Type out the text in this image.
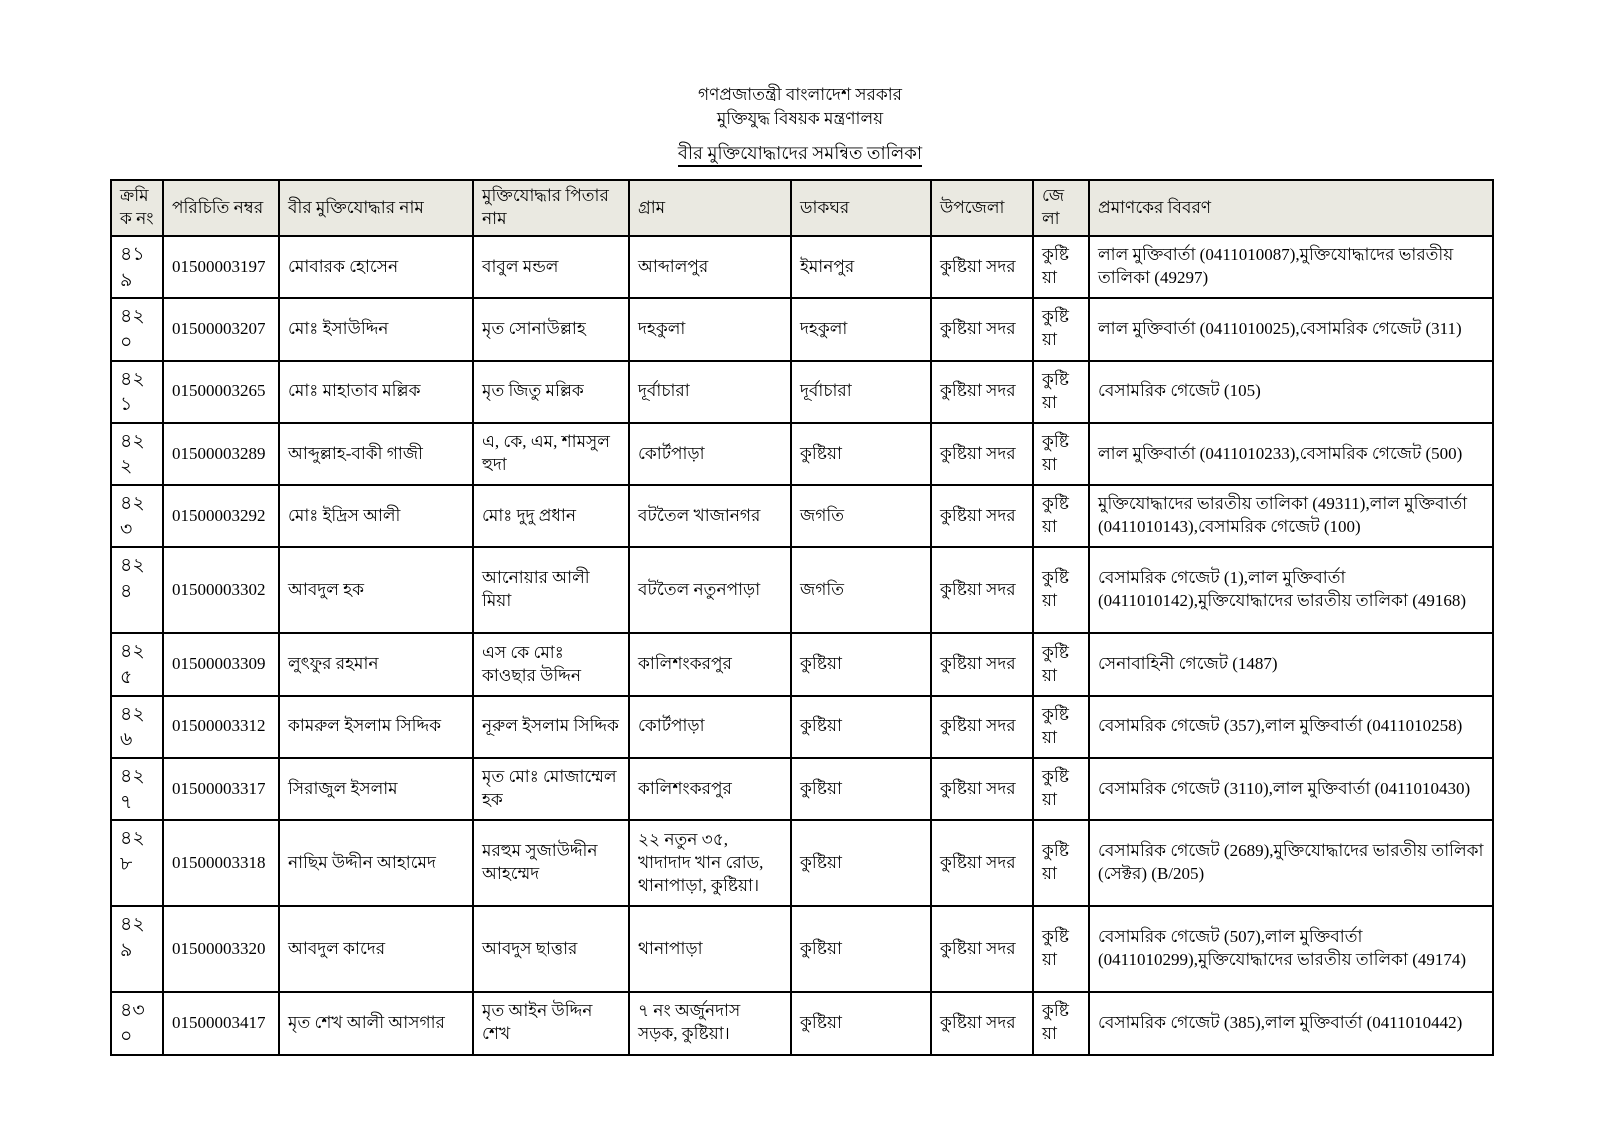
গণপ্রজাতন্ত্রী বাংলাদেশ সরকার

মুক্তিযুদ্ধ বিষয়ক মন্ত্রণালয়

বীর মুক্তিযোদ্ধাদের সমন্বিত তালিকা
ক্রমিক নং	পরিচিতি নম্বর	বীর মুক্তিযোদ্ধার নাম	মুক্তিযোদ্ধার পিতার নাম	গ্রাম	ডাকঘর	উপজেলা	জেলা	প্রমাণকের বিবরণ
৪১৯	01500003197	মোবারক হোসেন	বাবুল মন্ডল	আব্দালপুর	ইমানপুর	কুষ্টিয়া সদর	কুষ্টিয়া	লাল মুক্তিবার্তা (0411010087),মুক্তিযোদ্ধাদের ভারতীয় তালিকা (49297)
৪২০	01500003207	মোঃ ইসাউদ্দিন	মৃত সোনাউল্লাহ	দহকুলা	দহকুলা	কুষ্টিয়া সদর	কুষ্টিয়া	লাল মুক্তিবার্তা (0411010025),বেসামরিক গেজেট (311)
৪২১	01500003265	মোঃ মাহাতাব মল্লিক	মৃত জিতু মল্লিক	দূর্বাচারা	দূর্বাচারা	কুষ্টিয়া সদর	কুষ্টিয়া	বেসামরিক গেজেট (105)
৪২২	01500003289	আব্দুল্লাহ-বাকী গাজী	এ, কে, এম, শামসুল হুদা	কোর্টপাড়া	কুষ্টিয়া	কুষ্টিয়া সদর	কুষ্টিয়া	লাল মুক্তিবার্তা (0411010233),বেসামরিক গেজেট (500)
৪২৩	01500003292	মোঃ ইদ্রিস আলী	মোঃ দুদু প্রধান	বটতৈল খাজানগর	জগতি	কুষ্টিয়া সদর	কুষ্টিয়া	মুক্তিযোদ্ধাদের ভারতীয় তালিকা (49311),লাল মুক্তিবার্তা (0411010143),বেসামরিক গেজেট (100)
৪২৪	01500003302	আবদুল হক	আনোয়ার আলী মিয়া	বটতৈল নতুনপাড়া	জগতি	কুষ্টিয়া সদর	কুষ্টিয়া	বেসামরিক গেজেট (1),লাল মুক্তিবার্তা (0411010142),মুক্তিযোদ্ধাদের ভারতীয় তালিকা (49168)
৪২৫	01500003309	লুৎফুর রহমান	এস কে মোঃ কাওছার উদ্দিন	কালিশংকরপুর	কুষ্টিয়া	কুষ্টিয়া সদর	কুষ্টিয়া	সেনাবাহিনী গেজেট (1487)
৪২৬	01500003312	কামরুল ইসলাম সিদ্দিক	নূরুল ইসলাম সিদ্দিক	কোর্টপাড়া	কুষ্টিয়া	কুষ্টিয়া সদর	কুষ্টিয়া	বেসামরিক গেজেট (357),লাল মুক্তিবার্তা (0411010258)
৪২৭	01500003317	সিরাজুল ইসলাম	মৃত মোঃ মোজাম্মেল হক	কালিশংকরপুর	কুষ্টিয়া	কুষ্টিয়া সদর	কুষ্টিয়া	বেসামরিক গেজেট (3110),লাল মুক্তিবার্তা (0411010430)
৪২৮	01500003318	নাছিম উদ্দীন আহামেদ	মরহুম সুজাউদ্দীন আহম্মেদ	২২ নতুন ৩৫, খাদাদাদ খান রোড, থানাপাড়া, কুষ্টিয়া।	কুষ্টিয়া	কুষ্টিয়া সদর	কুষ্টিয়া	বেসামরিক গেজেট (2689),মুক্তিযোদ্ধাদের ভারতীয় তালিকা (সেক্টর) (B/205)
৪২৯	01500003320	আবদুল কাদের	আবদুস ছাত্তার	থানাপাড়া	কুষ্টিয়া	কুষ্টিয়া সদর	কুষ্টিয়া	বেসামরিক গেজেট (507),লাল মুক্তিবার্তা (0411010299),মুক্তিযোদ্ধাদের ভারতীয় তালিকা (49174)
৪৩০	01500003417	মৃত শেখ আলী আসগার	মৃত আইন উদ্দিন শেখ	৭ নং অর্জুনদাস সড়ক, কুষ্টিয়া।	কুষ্টিয়া	কুষ্টিয়া সদর	কুষ্টিয়া	বেসামরিক গেজেট (385),লাল মুক্তিবার্তা (0411010442)
